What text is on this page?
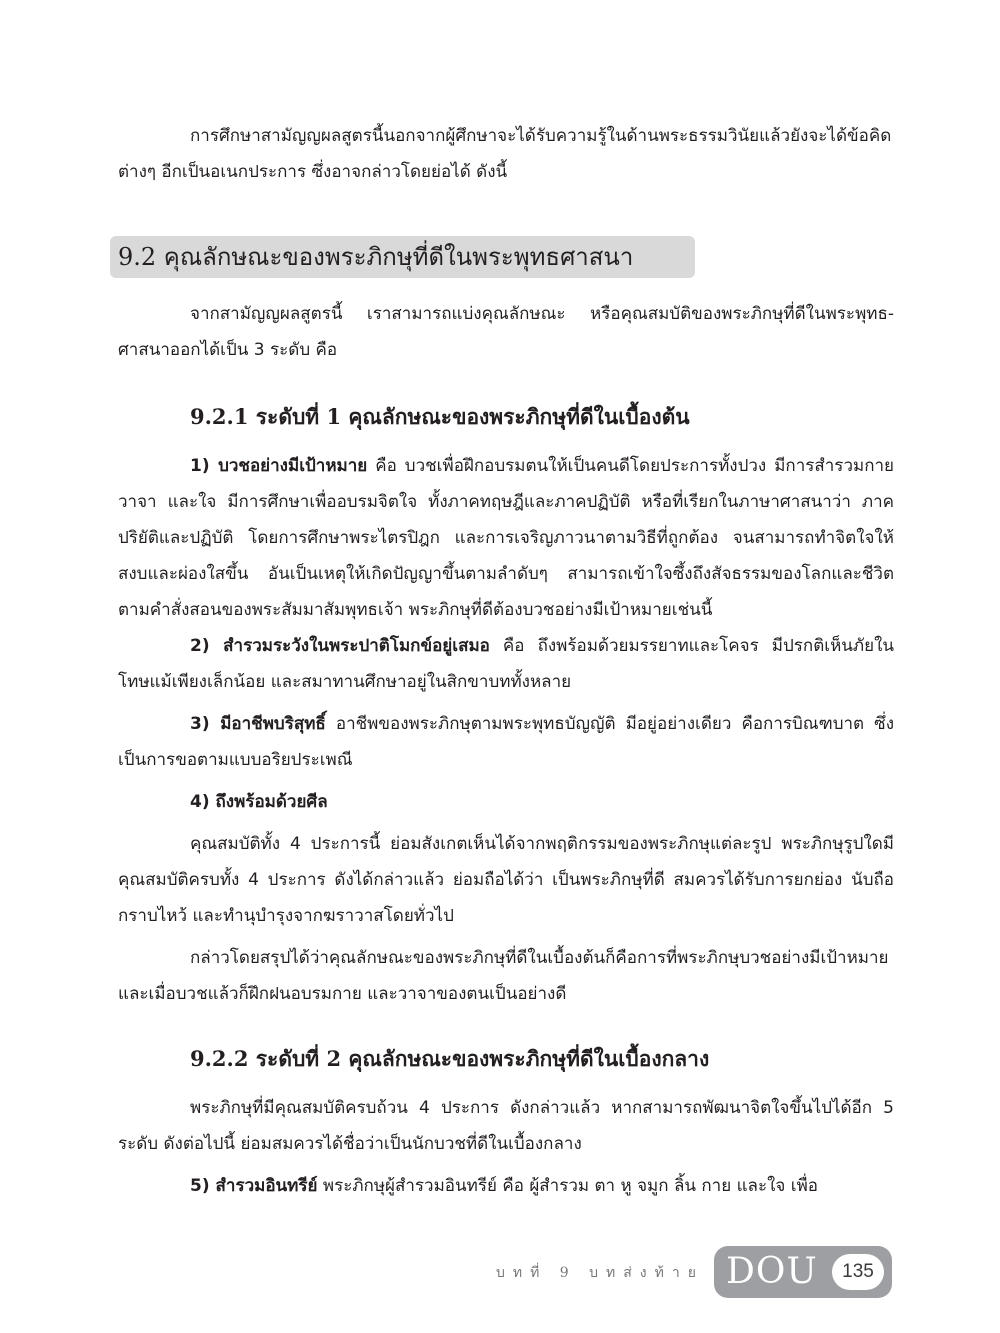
การศึกษาสามัญญผลสูตรนี้นอกจากผู้ศึกษาจะได้รับความรู้ในด้านพระธรรมวินัยแล้วยังจะได้ข้อคิดต่างๆ อีกเป็นอเนกประการ ซึ่งอาจกล่าวโดยย่อได้ ดังนี้

9.2 คุณลักษณะของพระภิกษุที่ดีในพระพุทธศาสนา

จากสามัญญผลสูตรนี้ เราสามารถแบ่งคุณลักษณะ หรือคุณสมบัติของพระภิกษุที่ดีในพระพุทธ-ศาสนาออกได้เป็น 3 ระดับ คือ

9.2.1 ระดับที่ 1 คุณลักษณะของพระภิกษุที่ดีในเบื้องต้น

1) บวชอย่างมีเป้าหมาย คือ บวชเพื่อฝึกอบรมตนให้เป็นคนดีโดยประการทั้งปวง มีการสำรวมกาย วาจา และใจ มีการศึกษาเพื่ออบรมจิตใจ ทั้งภาคทฤษฎีและภาคปฏิบัติ หรือที่เรียกในภาษาศาสนาว่า ภาคปริยัติและปฏิบัติ โดยการศึกษาพระไตรปิฎก และการเจริญภาวนาตามวิธีที่ถูกต้อง จนสามารถทำจิตใจให้สงบและผ่องใสขึ้น อันเป็นเหตุให้เกิดปัญญาขึ้นตามลำดับๆ สามารถเข้าใจซึ้งถึงสัจธรรมของโลกและชีวิต ตามคำสั่งสอนของพระสัมมาสัมพุทธเจ้า พระภิกษุที่ดีต้องบวชอย่างมีเป้าหมายเช่นนี้

2) สำรวมระวังในพระปาติโมกข์อยู่เสมอ คือ ถึงพร้อมด้วยมรรยาทและโคจร มีปรกติเห็นภัยในโทษแม้เพียงเล็กน้อย และสมาทานศึกษาอยู่ในสิกขาบททั้งหลาย

3) มีอาชีพบริสุทธิ์ อาชีพของพระภิกษุตามพระพุทธบัญญัติ มีอยู่อย่างเดียว คือการบิณฑบาต ซึ่งเป็นการขอตามแบบอริยประเพณี

4) ถึงพร้อมด้วยศีล

คุณสมบัติทั้ง 4 ประการนี้ ย่อมสังเกตเห็นได้จากพฤติกรรมของพระภิกษุแต่ละรูป พระภิกษุรูปใดมีคุณสมบัติครบทั้ง 4 ประการ ดังได้กล่าวแล้ว ย่อมถือได้ว่า เป็นพระภิกษุที่ดี สมควรได้รับการยกย่อง นับถือ กราบไหว้ และทำนุบำรุงจากฆราวาสโดยทั่วไป

กล่าวโดยสรุปได้ว่าคุณลักษณะของพระภิกษุที่ดีในเบื้องต้นก็คือการที่พระภิกษุบวชอย่างมีเป้าหมาย และเมื่อบวชแล้วก็ฝึกฝนอบรมกาย และวาจาของตนเป็นอย่างดี

9.2.2 ระดับที่ 2 คุณลักษณะของพระภิกษุที่ดีในเบื้องกลาง

พระภิกษุที่มีคุณสมบัติครบถ้วน 4 ประการ ดังกล่าวแล้ว หากสามารถพัฒนาจิตใจขึ้นไปได้อีก 5 ระดับ ดังต่อไปนี้ ย่อมสมควรได้ชื่อว่าเป็นนักบวชที่ดีในเบื้องกลาง

5) สำรวมอินทรีย์ พระภิกษุผู้สำรวมอินทรีย์ คือ ผู้สำรวม ตา หู จมูก ลิ้น กาย และใจ เพื่อ

บทที่ 9 บทส่งท้าย DOU	135
